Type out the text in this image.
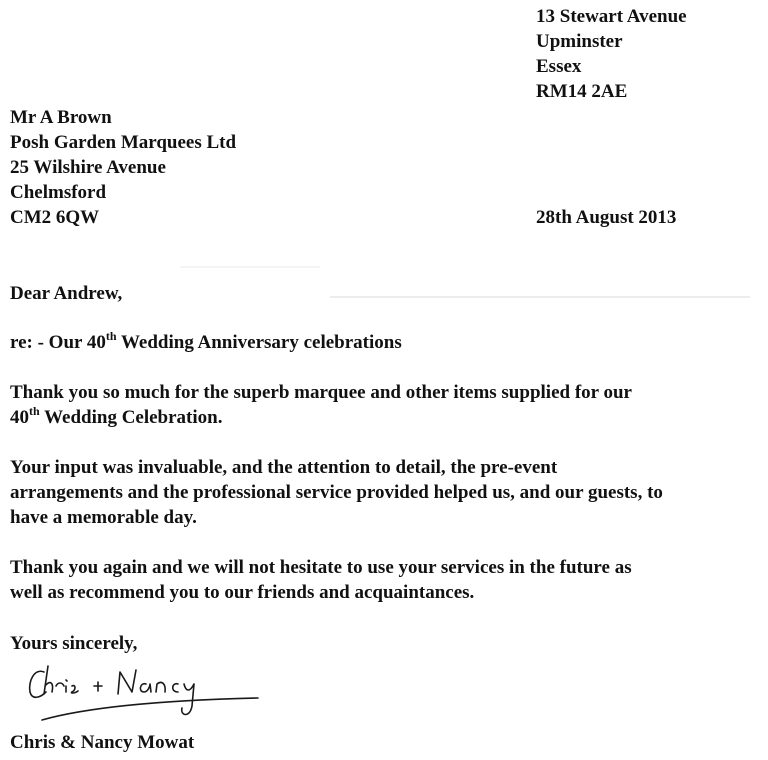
13 Stewart Avenue
Upminster
Essex
RM14 2AE
Mr A Brown
Posh Garden Marquees Ltd
25 Wilshire Avenue
Chelmsford
CM2 6QW	28th August 2013
Dear Andrew,
re: - Our 40th Wedding Anniversary celebrations
Thank you so much for the superb marquee and other items supplied for our
40th Wedding Celebration.
Your input was invaluable, and the attention to detail, the pre-event
arrangements and the professional service provided helped us, and our guests, to
have a memorable day.
Thank you again and we will not hesitate to use your services in the future as
well as recommend you to our friends and acquaintances.
Yours sincerely,
Chris & Nancy Mowat
